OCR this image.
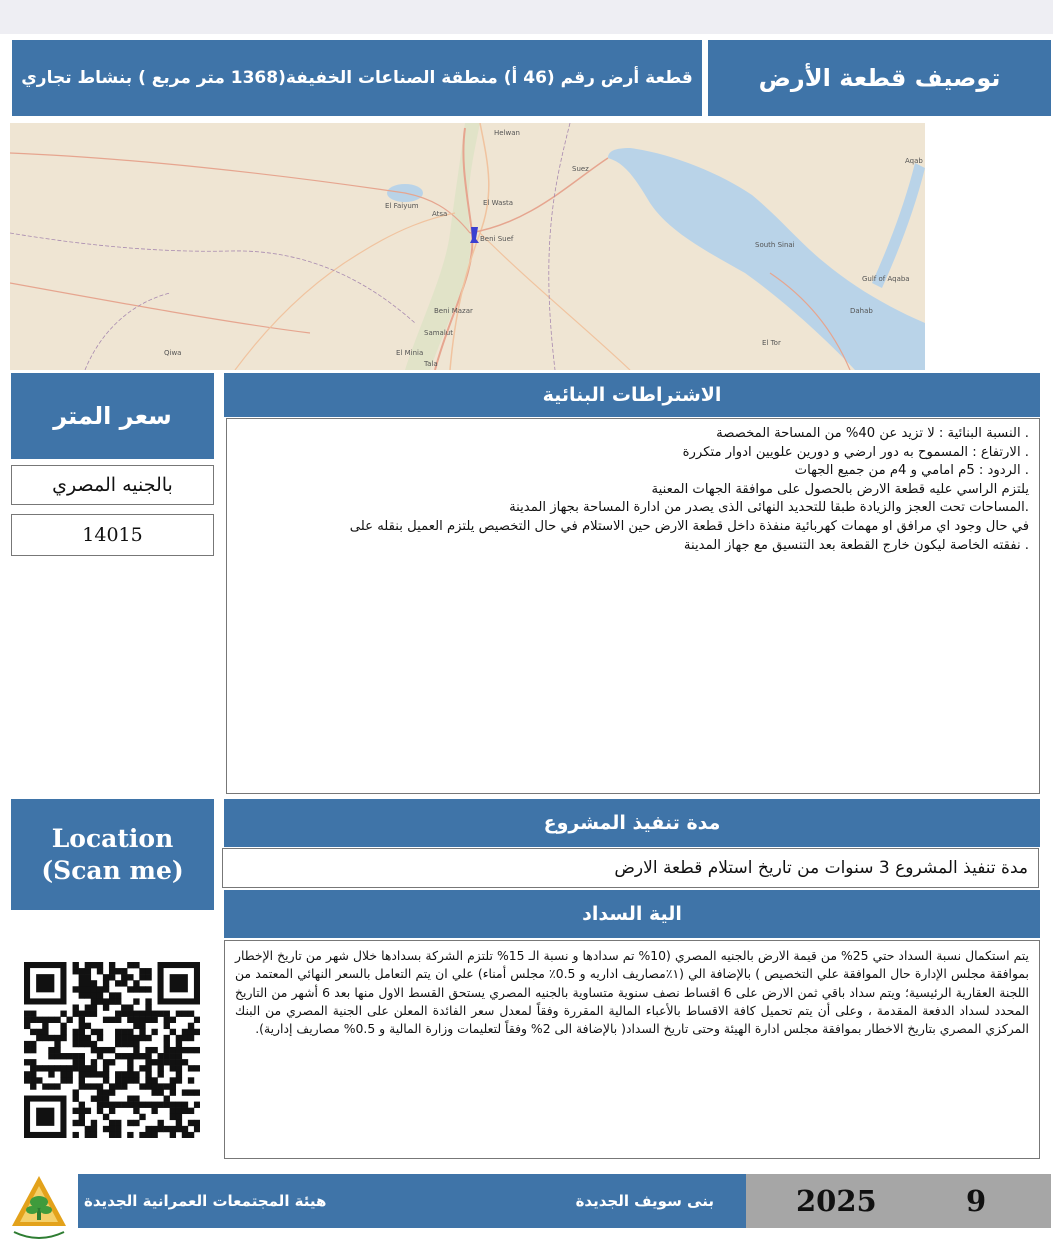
توصيف قطعة الأرض
قطعة أرض رقم (46 أ) منطقة الصناعات الخفيفة(1368 متر مربع ) بنشاط تجاري
Helwan
Suez
El Faiyum
Atsa
El Wasta
Beni Suef
Beni Mazar
Samalut
El Minia
Tala
Qiwa
South Sinai
Gulf of Aqaba
Dahab
El Tor
Aqab
سعر المتر
بالجنيه المصري
14015
الاشتراطات البنائية
. النسبة البنائية : لا تزيد عن 40% من المساحة المخصصة
. الارتفاع : المسموح به دور ارضي و دورين علويين ادوار متكررة
. الردود : 5م امامي و 4م من جميع الجهات
يلتزم الراسي عليه قطعة الارض بالحصول على موافقة الجهات المعنية
.المساحات تحت العجز والزيادة طبقا للتحديد النهائى الذى يصدر من ادارة المساحة بجهاز المدينة
في حال وجود اي مرافق او مهمات كهربائية منفذة داخل قطعة الارض حين الاستلام في حال التخصيص يلتزم العميل بنقله على
. نفقته الخاصة ليكون خارج القطعة بعد التنسيق مع جهاز المدينة
Location
(Scan me)
مدة تنفيذ المشروع
مدة تنفيذ المشروع 3 سنوات من تاريخ استلام قطعة الارض
الية السداد
يتم استكمال نسبة السداد حتي 25% من قيمة الارض بالجنيه المصري (10% تم سدادها و نسبة الـ 15% تلتزم الشركة بسدادها خلال شهر من تاريخ الإخطار بموافقة مجلس الإدارة حال الموافقة علي التخصيص ) بالإضافة الي (١٪مصاريف اداريه و 0.5٪ مجلس أمناء) علي ان يتم التعامل بالسعر النهائي المعتمد من اللجنة العقارية الرئيسية؛ ويتم سداد باقي ثمن الارض على 6 اقساط نصف سنوية متساوية بالجنيه المصري يستحق القسط الاول منها بعد 6 أشهر من التاريخ المحدد لسداد الدفعة المقدمة ، وعلى أن يتم تحميل كافة الاقساط بالأعباء المالية المقررة وفقاً لمعدل سعر الفائدة المعلن على الجنية المصري من البنك المركزي المصري بتاريخ الاخطار بموافقة مجلس ادارة الهيئة وحتى تاريخ السداد( بالإضافة الى 2% وفقاً لتعليمات وزارة المالية و 0.5% مصاريف إدارية).
بنى سويف الجديدة
هيئة المجتمعات العمرانية الجديدة	2025	9
